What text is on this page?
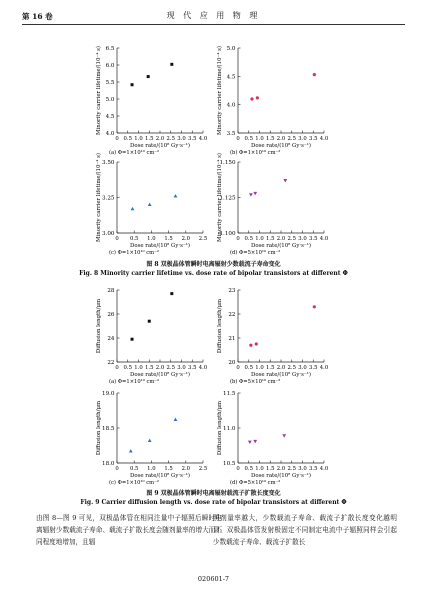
第 16 卷	现 代 应 用 物 理
4.0
4.5
5.0
5.5
6.0
6.5
0 0.5 1.0 1.5 2.0 2.5 3.0 3.5 4.0
Dose rate/(10⁸ Gy·s⁻¹)
(a) Φ=1×10¹⁰ cm⁻²
Minority carrier lifetime/(10⁻⁴ s)	3.5
4.0
4.5
5.0
0 0.5 1.0 1.5 2.0 2.5 3.0 3.5 4.0
Dose rate/(10⁸ Gy·s⁻¹)
(b) Φ=1×10¹⁰ cm⁻²
Minority carrier lifetime/(10⁻⁴ s)
3.00
3.25
3.50
0 0.5 1.0 1.5 2.0 2.5
Dose rate/(10⁸ Gy·s⁻¹)
(c) Φ=1×10¹⁰ cm⁻²
Minority carrier lifetime/(10⁻⁴ s)	1.100
1.125
1.150
0 0.5 1.0 1.5 2.0 2.5 3.0 3.5 4.0
Dose rate/(10⁸ Gy·s⁻¹)
(d) Φ=5×10¹⁰ cm⁻²
Minority carrier lifetime/(10⁻⁴ s)
22
24
26
28
0 0.5 1.0 1.5 2.0 2.5 3.0 3.5 4.0
Dose rate/(10⁸ Gy·s⁻¹)
(a) Φ=1×10¹⁰ cm⁻²
Diffusion length/μm
20
21
22
23
0 0.5 1.0 1.5 2.0 2.5 3.0 3.5 4.0
Dose rate/(10⁸ Gy·s⁻¹)
(b) Φ=5×10¹⁰ cm⁻²
Diffusion length/μm
18.0
18.5
19.0
0 0.5 1.0 1.5 2.0 2.5
Dose rate/(10⁸ Gy·s⁻¹)
(c) Φ=1×10¹⁰ cm⁻²
Diffusion length/μm
10.5
11.0
11.5
0 0.5 1.0 1.5 2.0 2.5 3.0 3.5 4.0
Dose rate/(10⁸ Gy·s⁻¹)
(d) Φ=5×10¹⁰ cm⁻²
Diffusion length/μm
图 8 双极晶体管瞬时电离辐射少数载流子寿命变化
Fig. 8 Minority carrier lifetime vs. dose rate of bipolar transistors at different Φ
图 9 双极晶体管瞬时电离辐射载流子扩散长度变化
Fig. 9 Carrier diffusion length vs. dose rate of bipolar transistors at different Φ
由图 8—图 9 可见，双极晶体管在相同注量中子辐照后瞬时电离辐射少数载流子寿命、载流子扩散长度会随剂量率的增大而不同程度地增加，且辐
照剂量率越大，少数载流子寿命、载流子扩散长度变化越明显。双极晶体管发射极固定不同制定电流中子辐照同样会引起少数载流子寿命、载流子扩散长
020601-7
